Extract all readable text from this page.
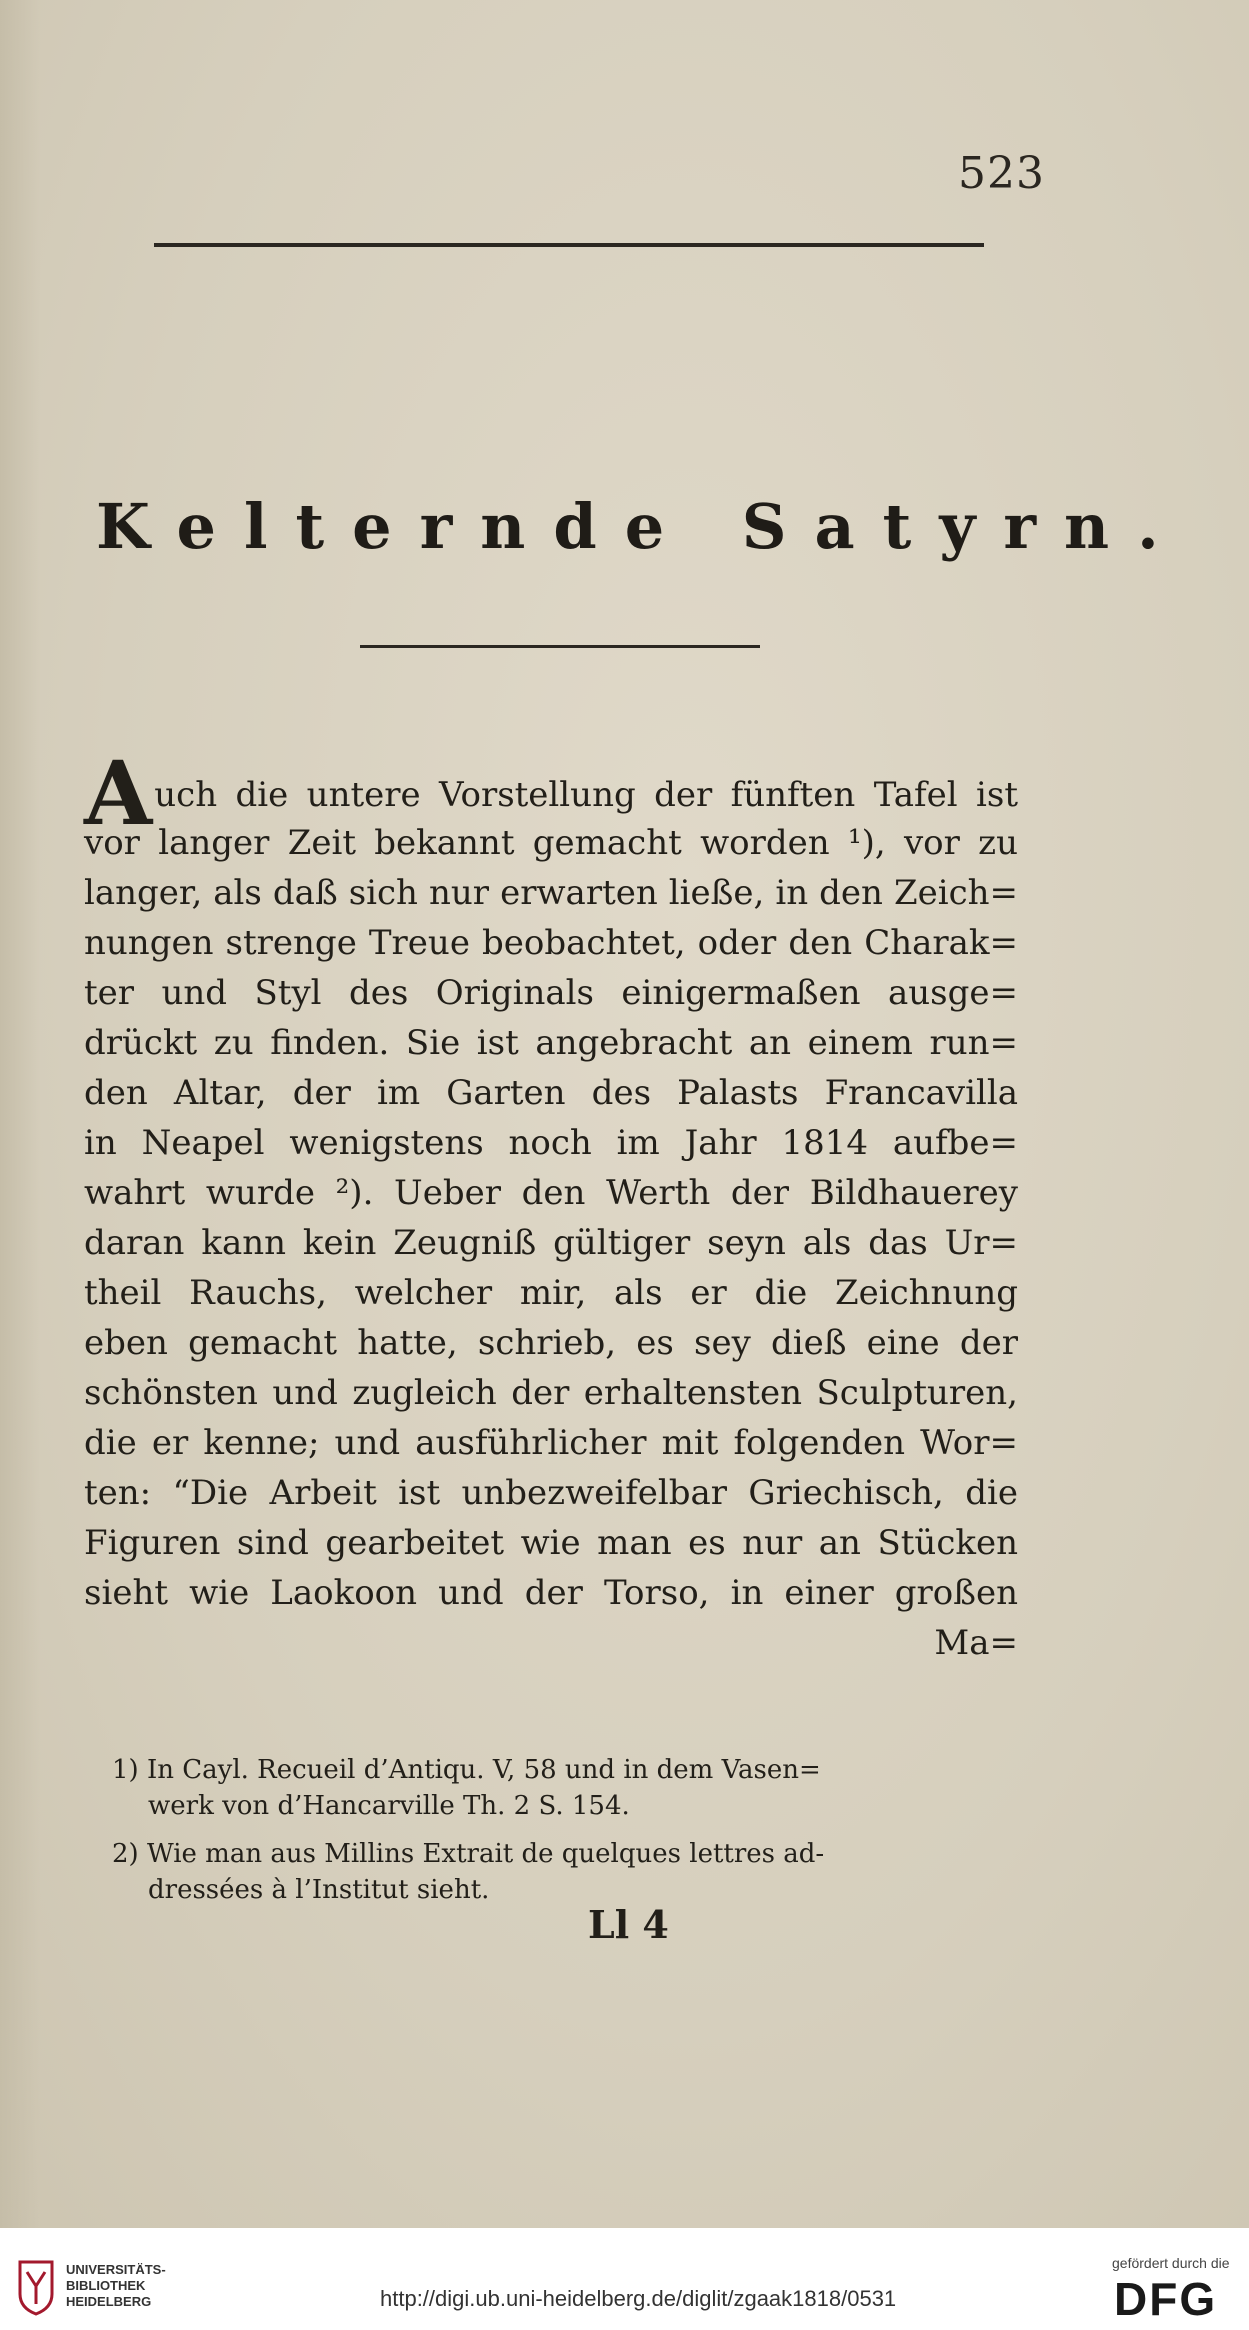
523
Kelternde Satyrn.
Auch die untere Vorstellung der fünften Tafel ist
vor langer Zeit bekannt gemacht worden ¹), vor zu
langer, als daß sich nur erwarten ließe, in den Zeich=
nungen strenge Treue beobachtet, oder den Charak=
ter und Styl des Originals einigermaßen ausge=
drückt zu finden. Sie ist angebracht an einem run=
den Altar, der im Garten des Palasts Francavilla
in Neapel wenigstens noch im Jahr 1814 aufbe=
wahrt wurde ²). Ueber den Werth der Bildhauerey
daran kann kein Zeugniß gültiger seyn als das Ur=
theil Rauchs, welcher mir, als er die Zeichnung
eben gemacht hatte, schrieb, es sey dieß eine der
schönsten und zugleich der erhaltensten Sculpturen,
die er kenne; und ausführlicher mit folgenden Wor=
ten: “Die Arbeit ist unbezweifelbar Griechisch, die
Figuren sind gearbeitet wie man es nur an Stücken
sieht wie Laokoon und der Torso, in einer großen
Ma=
1) In Cayl. Recueil d’Antiqu. V, 58 und in dem Vasen=
werk von d’Hancarville Th. 2 S. 154.
2) Wie man aus Millins Extrait de quelques lettres ad-
dressées à l’Institut sieht.
Ll 4
UNIVERSITÄTS-
BIBLIOTHEK
HEIDELBERG	http://digi.ub.uni-heidelberg.de/diglit/zgaak1818/0531
gefördert durch die
DFG
